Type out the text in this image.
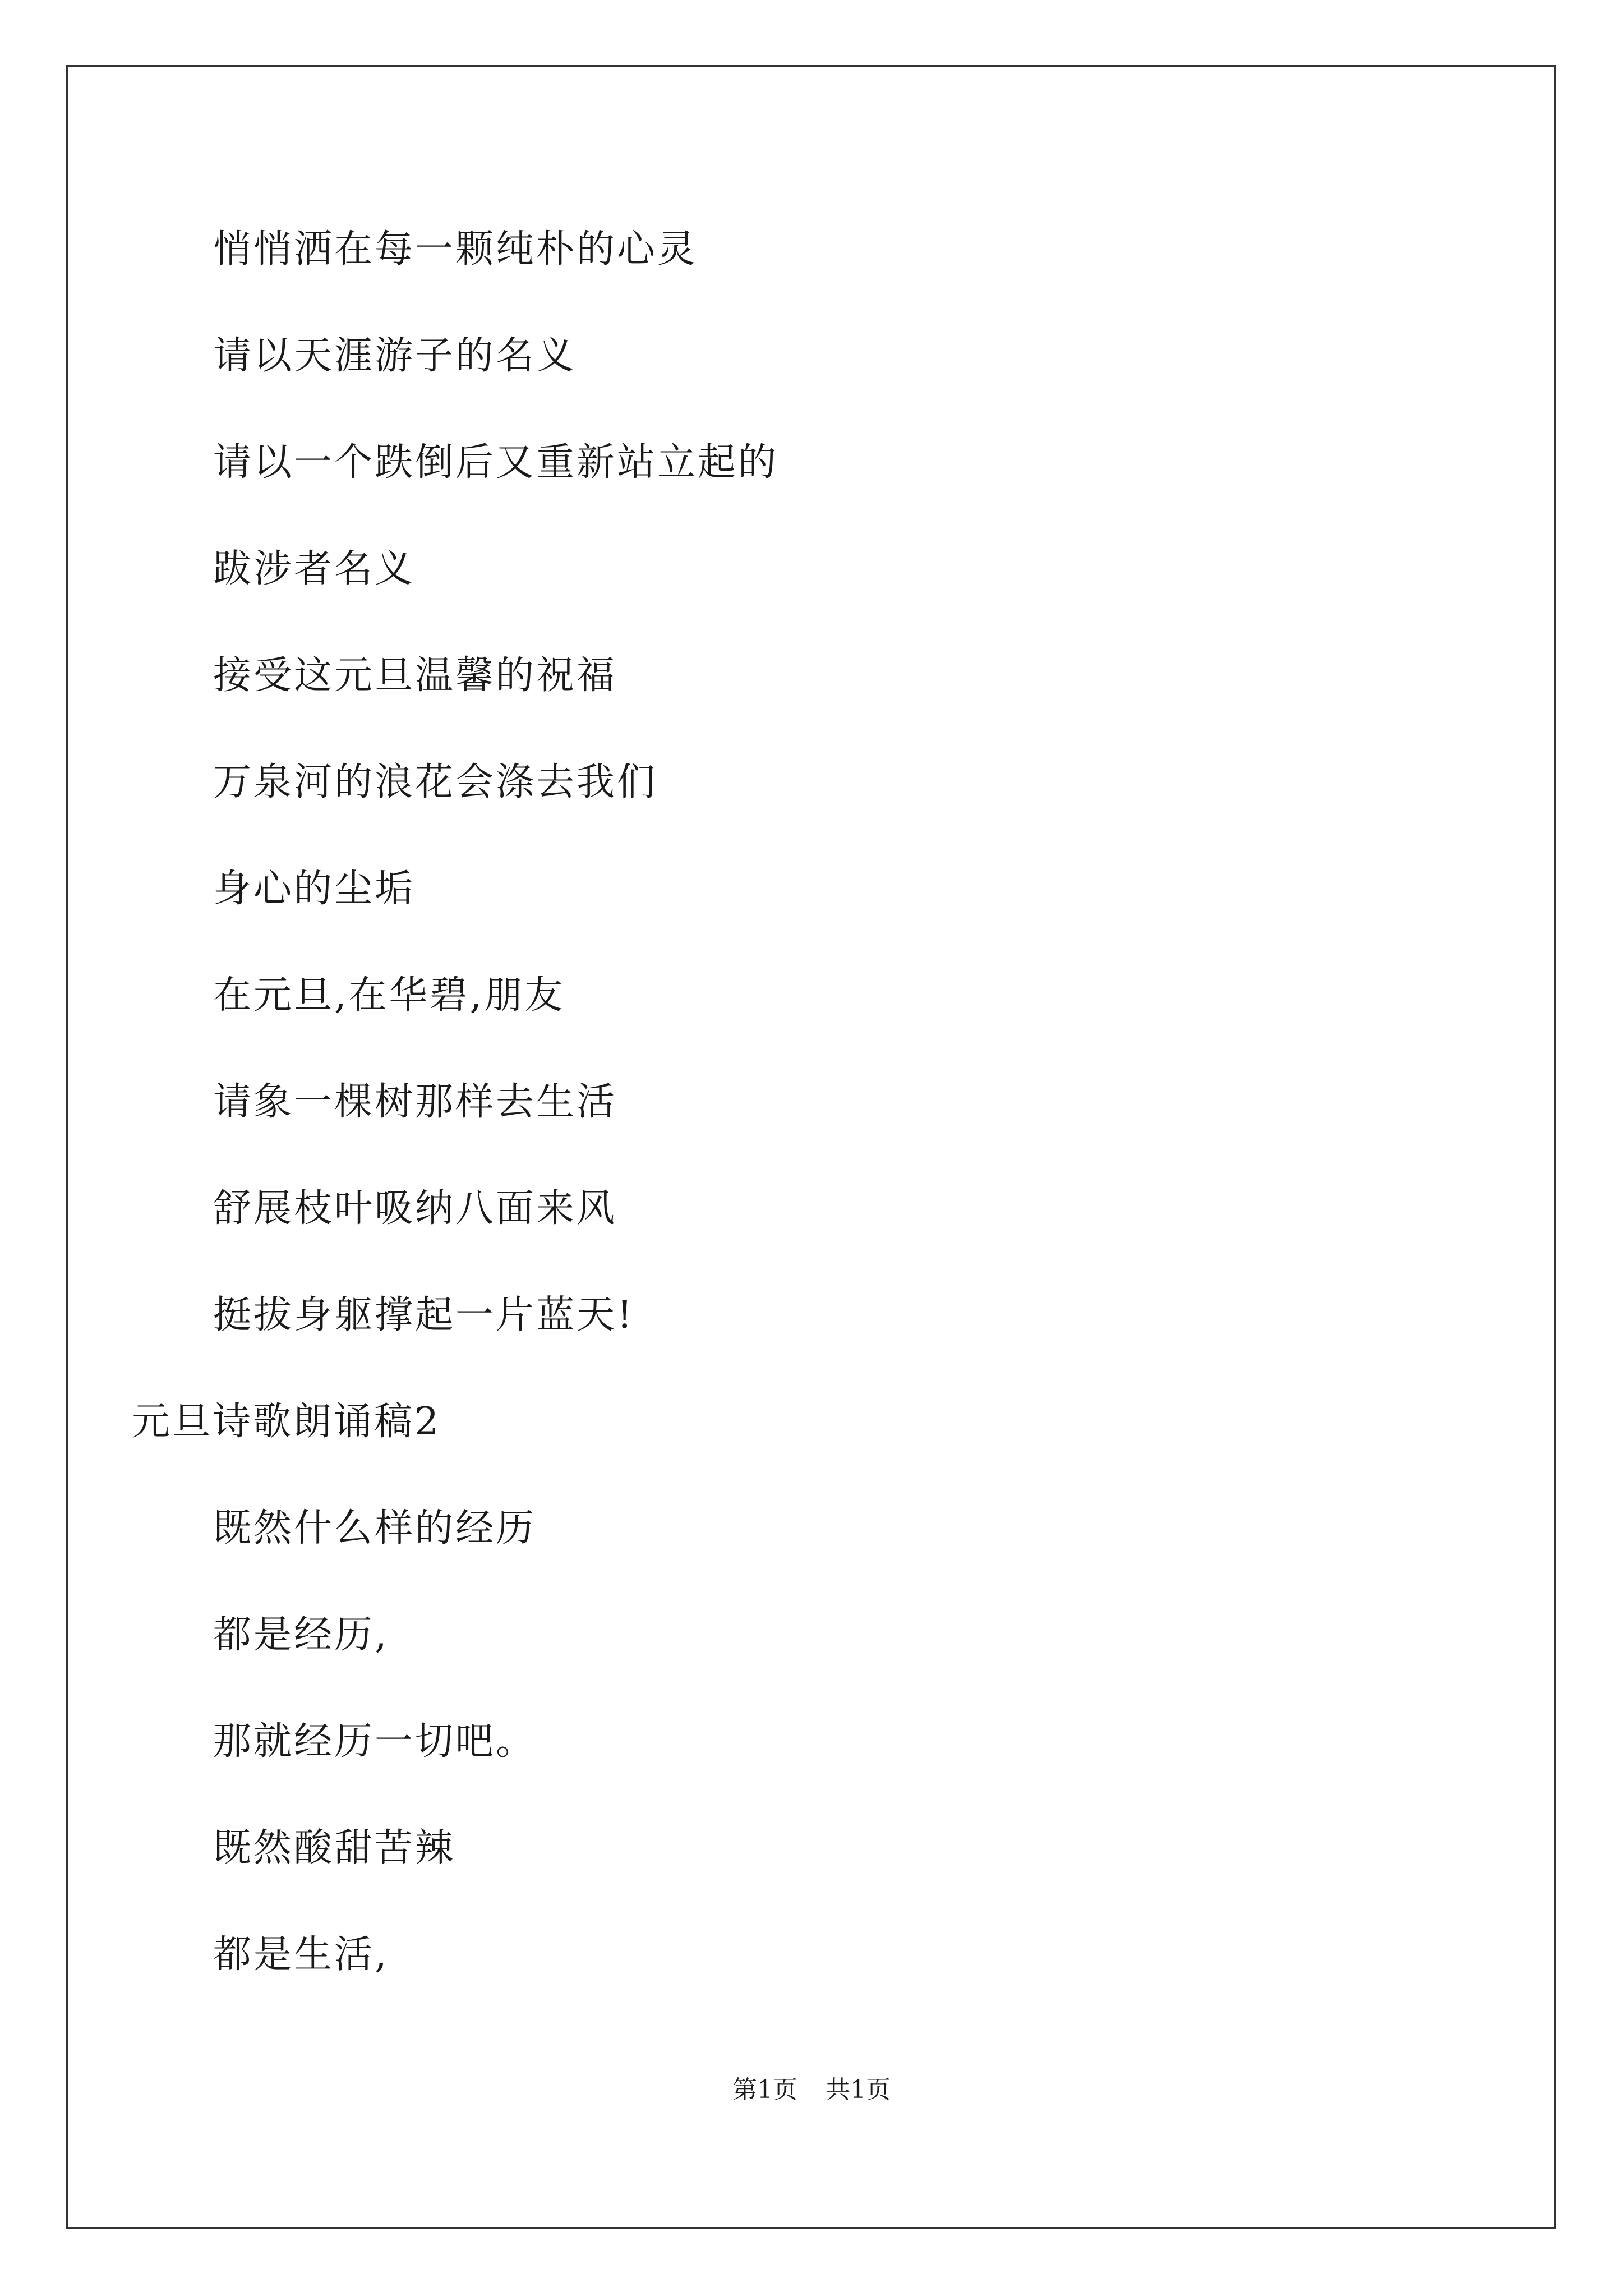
悄悄洒在每一颗纯朴的心灵
请以天涯游子的名义
请以一个跌倒后又重新站立起的
跋涉者名义
接受这元旦温馨的祝福
万泉河的浪花会涤去我们
身心的尘垢
在元旦,在华碧,朋友
请象一棵树那样去生活
舒展枝叶吸纳八面来风
挺拔身躯撑起一片蓝天!
元旦诗歌朗诵稿2
既然什么样的经历
都是经历,
那就经历一切吧。
既然酸甜苦辣
都是生活,
第1页 共1页
